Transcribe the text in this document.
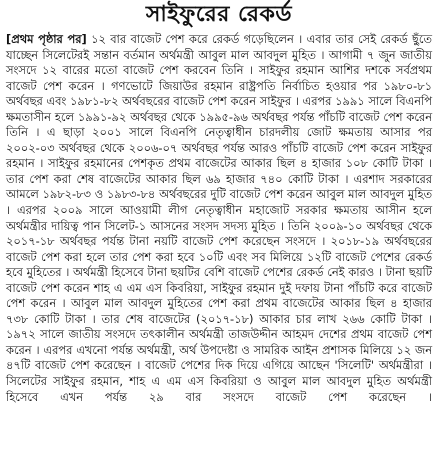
সাইফুরের রেকর্ড

[প্রথম পৃষ্ঠার পর] ১২ বার বাজেট পেশ করে রেকর্ড গড়েছিলেন । এবার তার সেই রেকর্ড ছুঁতে যাচ্ছেন সিলেটেরই সন্তান বর্তমান অর্থমন্ত্রী আবুল মাল আবদুল মুহিত । আগামী ৭ জুন জাতীয় সংসদে ১২ বারের মতো বাজেট পেশ করবেন তিনি । সাইফুর রহমান আশির দশকে সর্বপ্রথম বাজেট পেশ করেন । গণভোটে জিয়াউর রহমান রাষ্ট্রপতি নির্বাচিত হওয়ার পর ১৯৮০-৮১ অর্থবছর এবং ১৯৮১-৮২ অর্থবছরের বাজেট পেশ করেন সাইফুর । এরপর ১৯৯১ সালে বিএনপি ক্ষমতাসীন হলে ১৯৯১-৯২ অর্থবছর থেকে ১৯৯৫-৯৬ অর্থবছর পর্যন্ত পাঁচটি বাজেট পেশ করেন তিনি । এ ছাড়া ২০০১ সালে বিএনপি নেতৃত্বাধীন চারদলীয় জোট ক্ষমতায় আসার পর ২০০২-০৩ অর্থবছর থেকে ২০০৬-০৭ অর্থবছর পর্যন্ত আরও পাঁচটি বাজেট পেশ করেন সাইফুর রহমান । সাইফুর রহমানের পেশকৃত প্রথম বাজেটের আকার ছিল ৪ হাজার ১০৮ কোটি টাকা । তার পেশ করা শেষ বাজেটের আকার ছিল ৬৯ হাজার ৭৪০ কোটি টাকা । এরশাদ সরকারের আমলে ১৯৮২-৮৩ ও ১৯৮৩-৮৪ অর্থবছরের দুটি বাজেট পেশ করেন আবুল মাল আবদুল মুহিত । এরপর ২০০৯ সালে আওয়ামী লীগ নেতৃত্বাধীন মহাজোট সরকার ক্ষমতায় আসীন হলে অর্থমন্ত্রীর দায়িত্ব পান সিলেট-১ আসনের সংসদ সদস্য মুহিত । তিনি ২০০৯-১০ অর্থবছর থেকে ২০১৭-১৮ অর্থবছর পর্যন্ত টানা নয়টি বাজেট পেশ করেছেন সংসদে । ২০১৮-১৯ অর্থবছরের বাজেট পেশ করা হলে তার পেশ করা হবে ১০টি এবং সব মিলিয়ে ১২টি বাজেট পেশের রেকর্ড হবে মুহিতের । অর্থমন্ত্রী হিসেবে টানা ছয়টির বেশি বাজেট পেশের রেকর্ড নেই কারও । টানা ছয়টি বাজেট পেশ করেন শাহ এ এম এস কিবরিয়া, সাইফুর রহমান দুই দফায় টানা পাঁচটি করে বাজেট পেশ করেন । আবুল মাল আবদুল মুহিতের পেশ করা প্রথম বাজেটের আকার ছিল ৪ হাজার ৭৩৮ কোটি টাকা । তার শেষ বাজেটের (২০১৭-১৮) আকার চার লাখ ২৬৬ কোটি টাকা । ১৯৭২ সালে জাতীয় সংসদে তৎকালীন অর্থমন্ত্রী তাজউদ্দীন আহমদ দেশের প্রথম বাজেট পেশ করেন । এরপর এখনো পর্যন্ত অর্থমন্ত্রী, অর্থ উপদেষ্টা ও সামরিক আইন প্রশাসক মিলিয়ে ১২ জন ৪৭টি বাজেট পেশ করেছেন । বাজেট পেশের দিক দিয়ে এগিয়ে আছেন 'সিলেটি' অর্থমন্ত্রীরা । সিলেটের সাইফুর রহমান, শাহ এ এম এস কিবরিয়া ও আবুল মাল আবদুল মুহিত অর্থমন্ত্রী হিসেবে এখন পর্যন্ত ২৯ বার সংসদে বাজেট পেশ করেছেন ।
